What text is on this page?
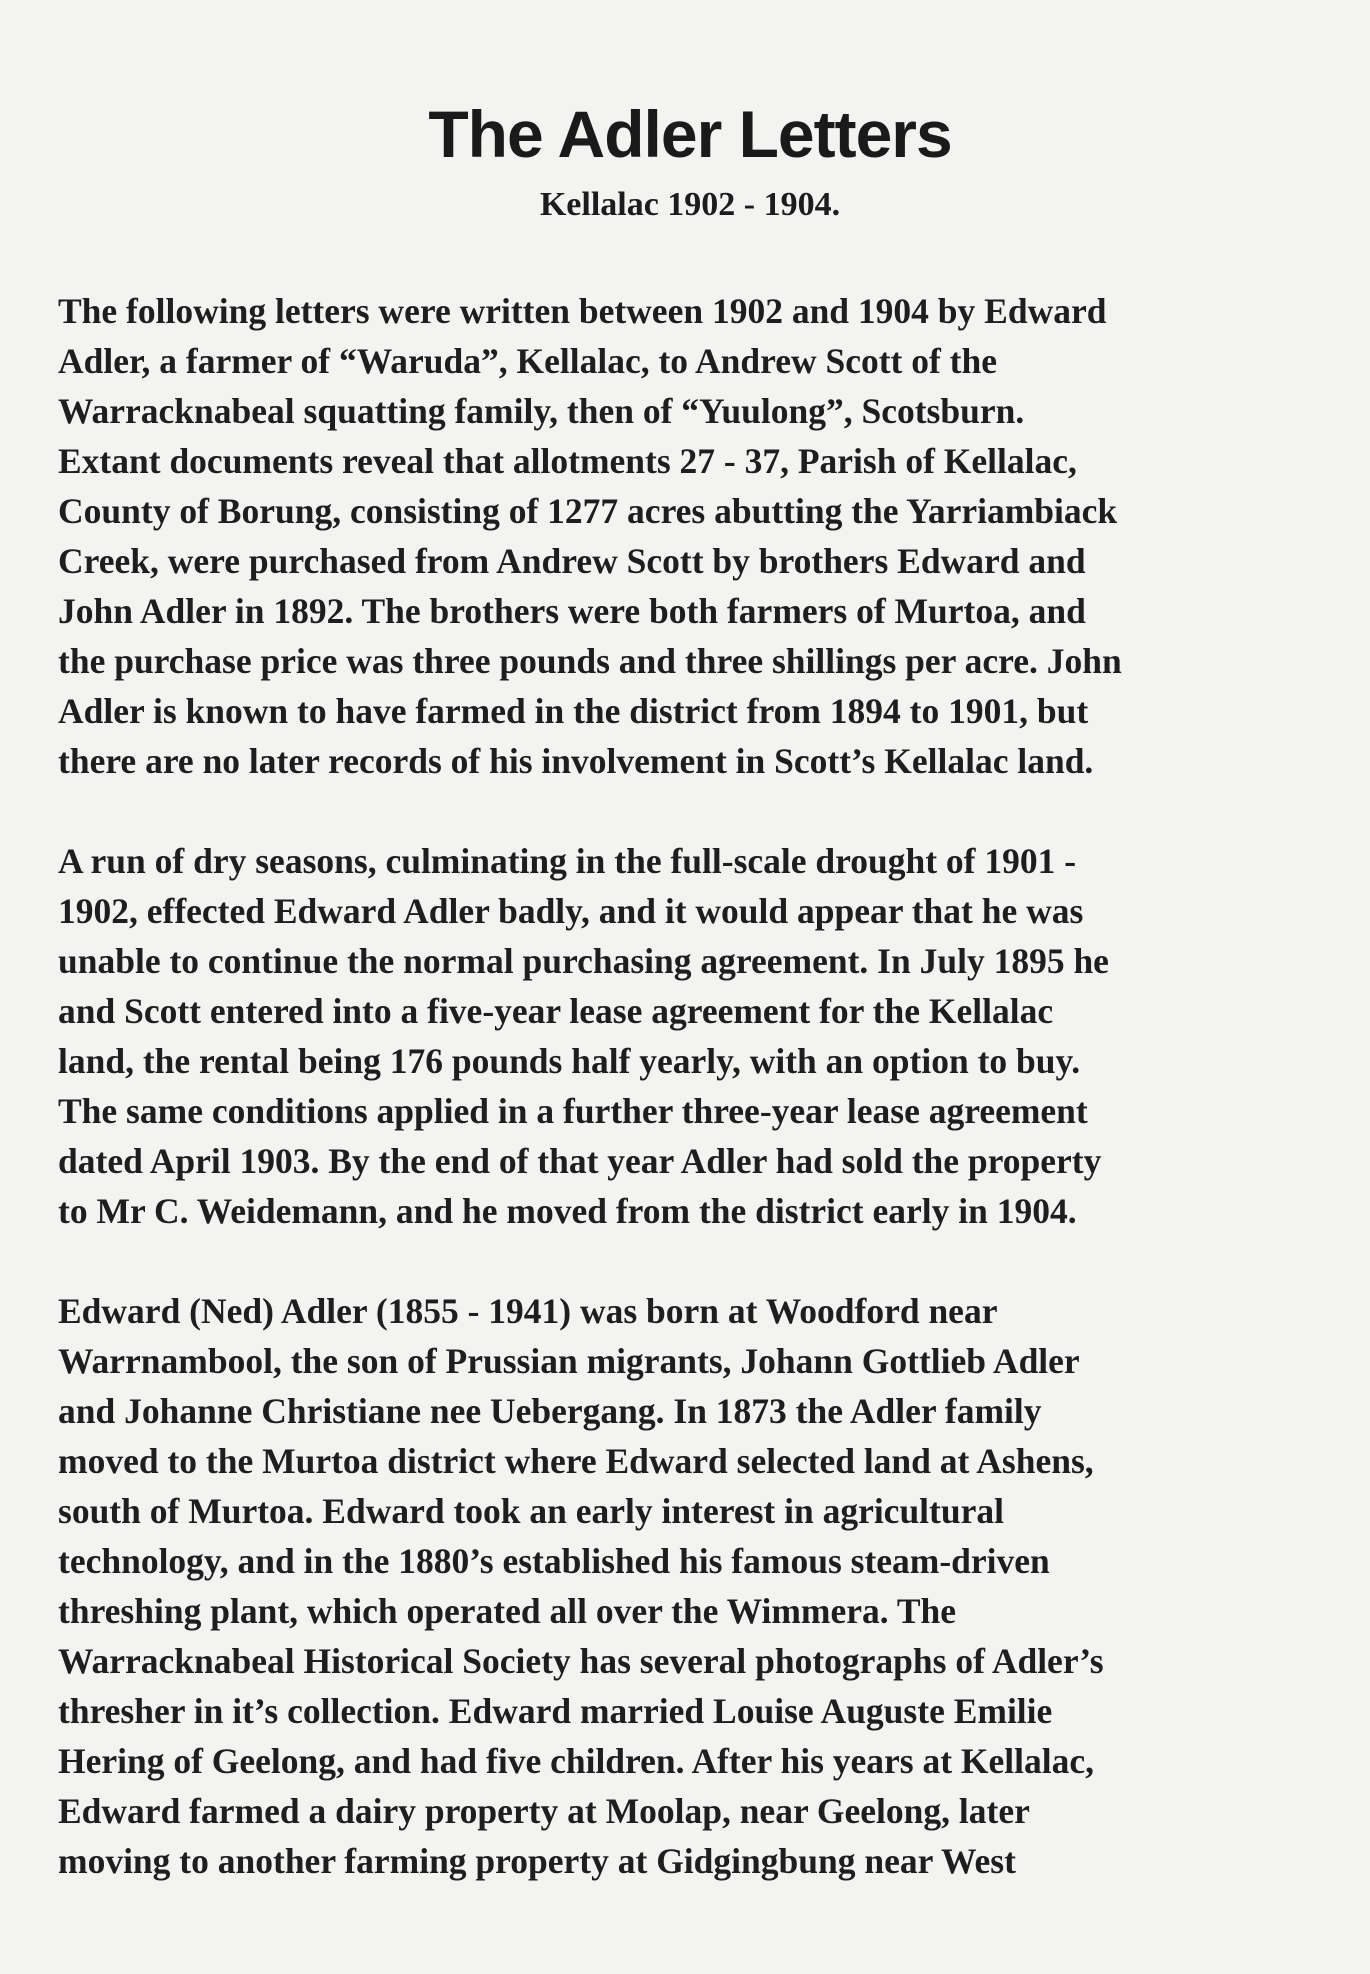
The Adler Letters
Kellalac 1902 - 1904.

The following letters were written between 1902 and 1904 by Edward
Adler, a farmer of “Waruda”, Kellalac, to Andrew Scott of the
Warracknabeal squatting family, then of “Yuulong”, Scotsburn.
Extant documents reveal that allotments 27 - 37, Parish of Kellalac,
County of Borung, consisting of 1277 acres abutting the Yarriambiack
Creek, were purchased from Andrew Scott by brothers Edward and
John Adler in 1892. The brothers were both farmers of Murtoa, and
the purchase price was three pounds and three shillings per acre. John
Adler is known to have farmed in the district from 1894 to 1901, but
there are no later records of his involvement in Scott’s Kellalac land.

A run of dry seasons, culminating in the full-scale drought of 1901 -
1902, effected Edward Adler badly, and it would appear that he was
unable to continue the normal purchasing agreement. In July 1895 he
and Scott entered into a five-year lease agreement for the Kellalac
land, the rental being 176 pounds half yearly, with an option to buy.
The same conditions applied in a further three-year lease agreement
dated April 1903. By the end of that year Adler had sold the property
to Mr C. Weidemann, and he moved from the district early in 1904.

Edward (Ned) Adler (1855 - 1941) was born at Woodford near
Warrnambool, the son of Prussian migrants, Johann Gottlieb Adler
and Johanne Christiane nee Uebergang. In 1873 the Adler family
moved to the Murtoa district where Edward selected land at Ashens,
south of Murtoa. Edward took an early interest in agricultural
technology, and in the 1880’s established his famous steam-driven
threshing plant, which operated all over the Wimmera. The
Warracknabeal Historical Society has several photographs of Adler’s
thresher in it’s collection. Edward married Louise Auguste Emilie
Hering of Geelong, and had five children. After his years at Kellalac,
Edward farmed a dairy property at Moolap, near Geelong, later
moving to another farming property at Gidgingbung near West
